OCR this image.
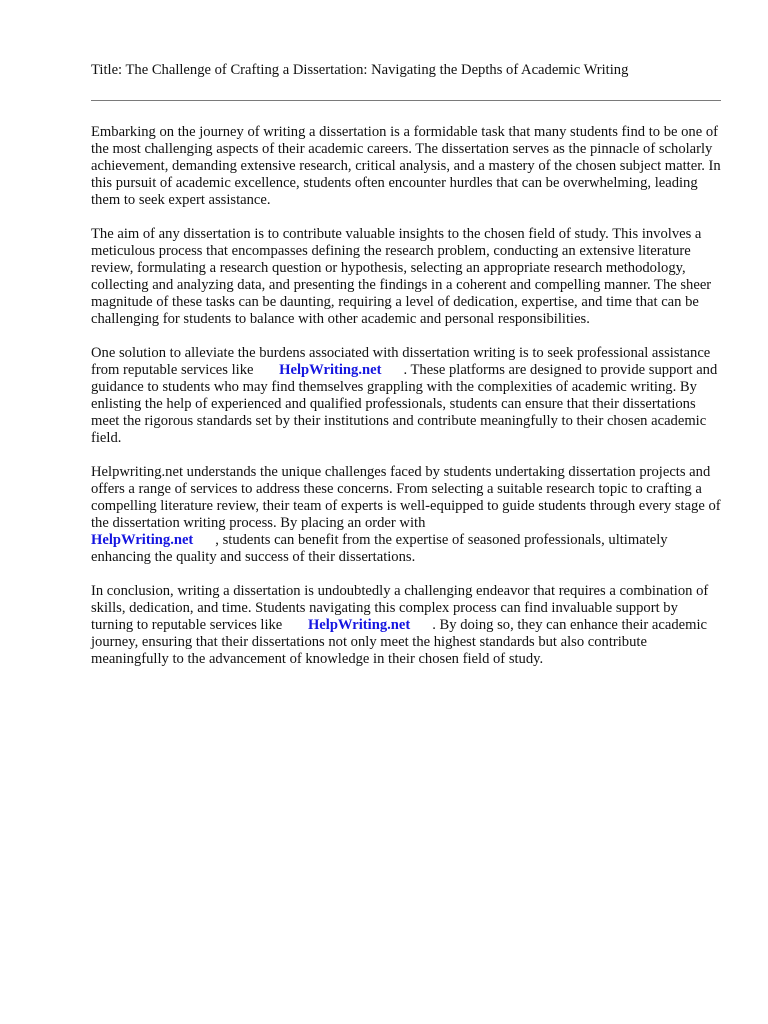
Title: The Challenge of Crafting a Dissertation: Navigating the Depths of Academic Writing

Embarking on the journey of writing a dissertation is a formidable task that many students find to be one of the most challenging aspects of their academic careers. The dissertation serves as the pinnacle of scholarly achievement, demanding extensive research, critical analysis, and a mastery of the chosen subject matter. In this pursuit of academic excellence, students often encounter hurdles that can be overwhelming, leading them to seek expert assistance.

The aim of any dissertation is to contribute valuable insights to the chosen field of study. This involves a meticulous process that encompasses defining the research problem, conducting an extensive literature review, formulating a research question or hypothesis, selecting an appropriate research methodology, collecting and analyzing data, and presenting the findings in a coherent and compelling manner. The sheer magnitude of these tasks can be daunting, requiring a level of dedication, expertise, and time that can be challenging for students to balance with other academic and personal responsibilities.

One solution to alleviate the burdens associated with dissertation writing is to seek professional assistance from reputable services like HelpWriting.net . These platforms are designed to provide support and guidance to students who may find themselves grappling with the complexities of academic writing. By enlisting the help of experienced and qualified professionals, students can ensure that their dissertations meet the rigorous standards set by their institutions and contribute meaningfully to their chosen academic field.

Helpwriting.net understands the unique challenges faced by students undertaking dissertation projects and offers a range of services to address these concerns. From selecting a suitable research topic to crafting a compelling literature review, their team of experts is well-equipped to guide students through every stage of the dissertation writing process. By placing an order with
HelpWriting.net , students can benefit from the expertise of seasoned professionals, ultimately enhancing the quality and success of their dissertations.

In conclusion, writing a dissertation is undoubtedly a challenging endeavor that requires a combination of skills, dedication, and time. Students navigating this complex process can find invaluable support by turning to reputable services like HelpWriting.net . By doing so, they can enhance their academic journey, ensuring that their dissertations not only meet the highest standards but also contribute meaningfully to the advancement of knowledge in their chosen field of study.
